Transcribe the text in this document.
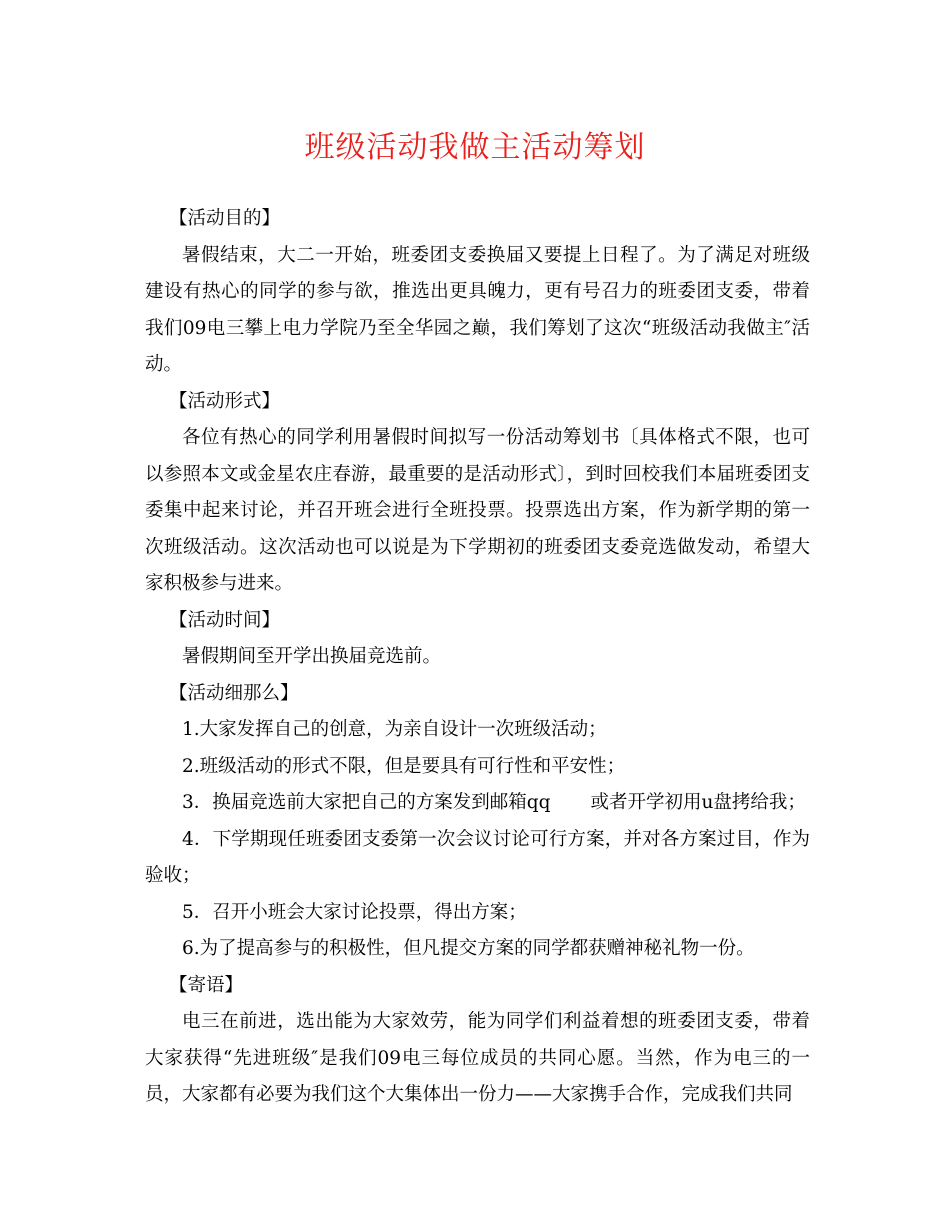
班级活动我做主活动筹划

【活动目的】

暑假结束，大二一开始，班委团支委换届又要提上日程了。为了满足对班级建设有热心的同学的参与欲，推选出更具魄力，更有号召力的班委团支委，带着我们09电三攀上电力学院乃至全华园之巅，我们筹划了这次“班级活动我做主″活动。

【活动形式】

各位有热心的同学利用暑假时间拟写一份活动筹划书〔具体格式不限，也可以参照本文或金星农庄春游，最重要的是活动形式〕，到时回校我们本届班委团支委集中起来讨论，并召开班会进行全班投票。投票选出方案，作为新学期的第一次班级活动。这次活动也可以说是为下学期初的班委团支委竞选做发动，希望大家积极参与进来。

【活动时间】

暑假期间至开学出换届竞选前。

【活动细那么】

1.大家发挥自己的创意，为亲自设计一次班级活动；

2.班级活动的形式不限，但是要具有可行性和平安性；

3．换届竞选前大家把自己的方案发到邮箱qq 或者开学初用u盘拷给我；

4．下学期现任班委团支委第一次会议讨论可行方案，并对各方案过目，作为验收；

5．召开小班会大家讨论投票，得出方案；

6.为了提高参与的积极性，但凡提交方案的同学都获赠神秘礼物一份。

【寄语】

电三在前进，选出能为大家效劳，能为同学们利益着想的班委团支委，带着大家获得“先进班级″是我们09电三每位成员的共同心愿。当然，作为电三的一员，大家都有必要为我们这个大集体出一份力——大家携手合作，完成我们共同
